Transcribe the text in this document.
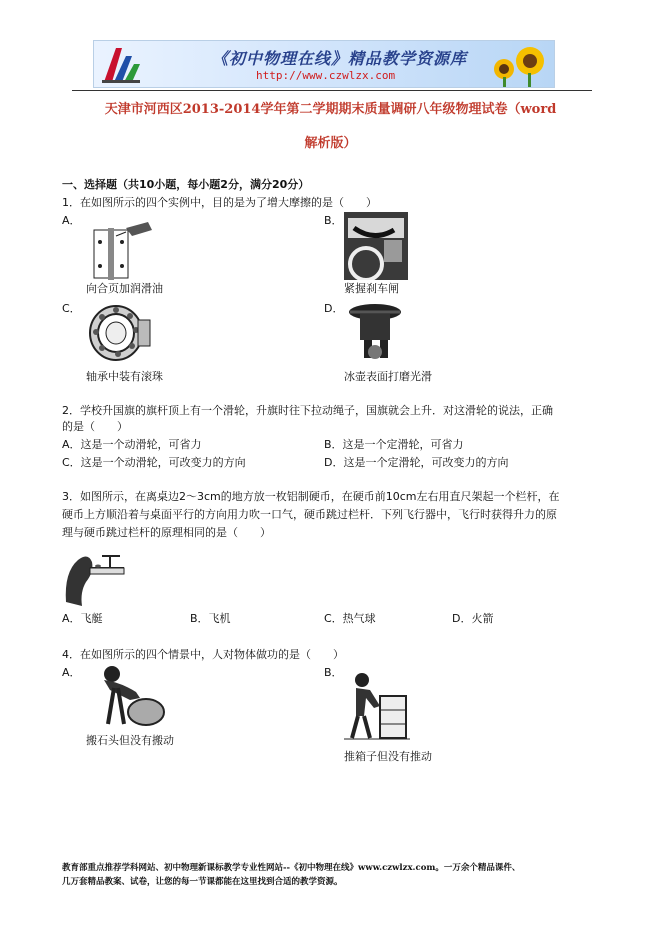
《初中物理在线》精品教学资源库
http://www.czwlzx.com
天津市河西区2013-2014学年第二学期期末质量调研八年级物理试卷（word
解析版）
一、选择题（共10小题，每小题2分，满分20分）
1．在如图所示的四个实例中，目的是为了增大摩擦的是（　　）
A．
向合页加润滑油
B．
紧握刹车闸
C．
轴承中装有滚珠
D．
冰壶表面打磨光滑
2．学校升国旗的旗杆顶上有一个滑轮，升旗时往下拉动绳子，国旗就会上升．对这滑轮的说法，正确
的是（　　）
A．这是一个动滑轮，可省力	B．这是一个定滑轮，可省力
C．这是一个动滑轮，可改变力的方向	D．这是一个定滑轮，可改变力的方向
3．如图所示，在离桌边2～3cm的地方放一枚铝制硬币，在硬币前10cm左右用直尺架起一个栏杆，在
硬币上方顺沿着与桌面平行的方向用力吹一口气，硬币跳过栏杆．下列飞行器中，飞行时获得升力的原
理与硬币跳过栏杆的原理相同的是（　　）
A．飞艇	B．飞机	C．热气球	D．火箭
4．在如图所示的四个情景中，人对物体做功的是（　　）
A．
搬石头但没有搬动
B．
推箱子但没有推动
教育部重点推荐学科网站、初中物理新课标教学专业性网站--《初中物理在线》www.czwlzx.com。一万余个精品课件、
几万套精品教案、试卷，让您的每一节课都能在这里找到合适的教学资源。
